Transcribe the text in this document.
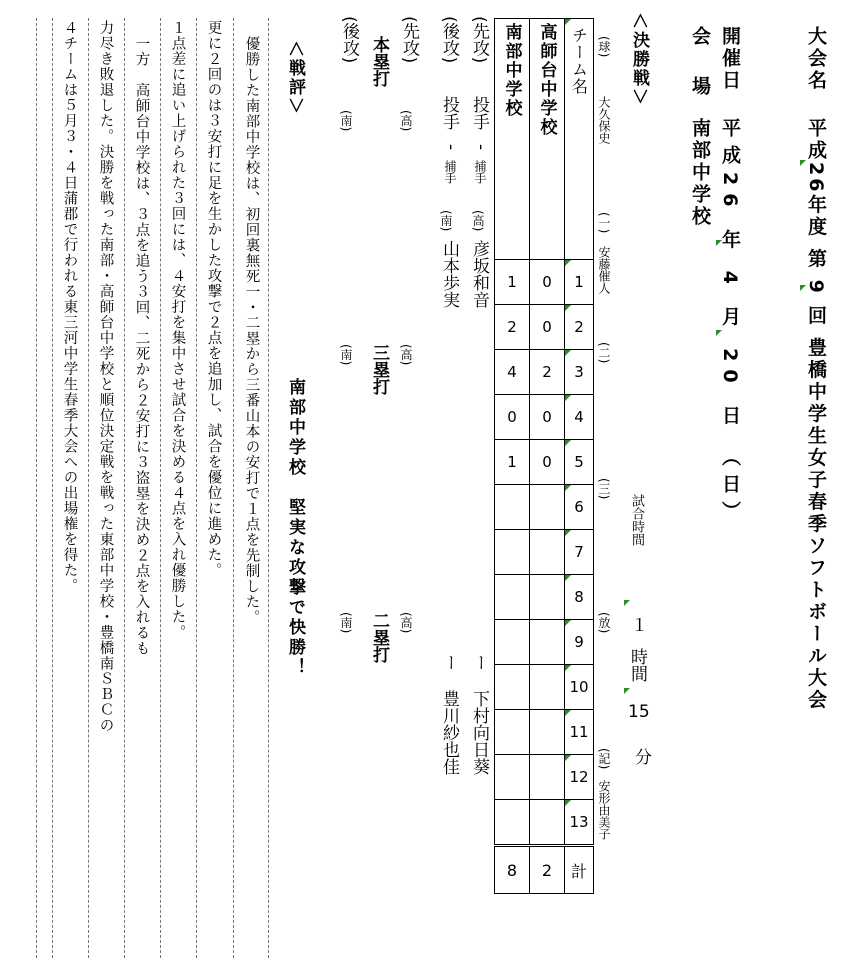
大会名
平成26年度 第 9 回 豊橋中学生女子春季ソフトボール大会
開催日
平成26 年 4 月 20 日 （日）
会 場
南部中学校
＜決勝戦＞
(球)
大久保史
(一)
安藤催人
(二)
(三)
(放)
(記)
安形由美子
試合時間
１
時間
15
分
南部中学校	高師台中学校	チーム名
1	0	1
2	0	2
4	2	3
0	0	4
1	0	5
		6
		7
		8
		9
		10
		11
		12
		13
8	2	計
(先攻)
投手
-
捕手
(高)
彦坂和音
ー
下村向日葵
(後攻)
投手
-
捕手
(南)
山本歩実
ー
豊川紗也佳
(先攻)
(高)
本塁打
(後攻)
(南)
(南) 三塁打 (高)
(南) 二塁打 (高)
＜戦評＞
南部中学校　堅実な攻撃で快勝！
優勝した南部中学校は、初回裏無死一・二塁から三番山本の安打で１点を先制した。
更に２回のは３安打に足を生かした攻撃で２点を追加し、試合を優位に進めた。
１点差に追い上げられた３回には、４安打を集中させ試合を決める４点を入れ優勝した。
一方　高師台中学校は、３点を追う３回、二死から２安打に３盗塁を決め２点を入れるも
力尽き敗退した。決勝を戦った南部・高師台中学校と順位決定戦を戦った東部中学校・豊橋南ＳＢＣの
４チームは５月３・４日蒲郡で行われる東三河中学生春季大会への出場権を得た。
